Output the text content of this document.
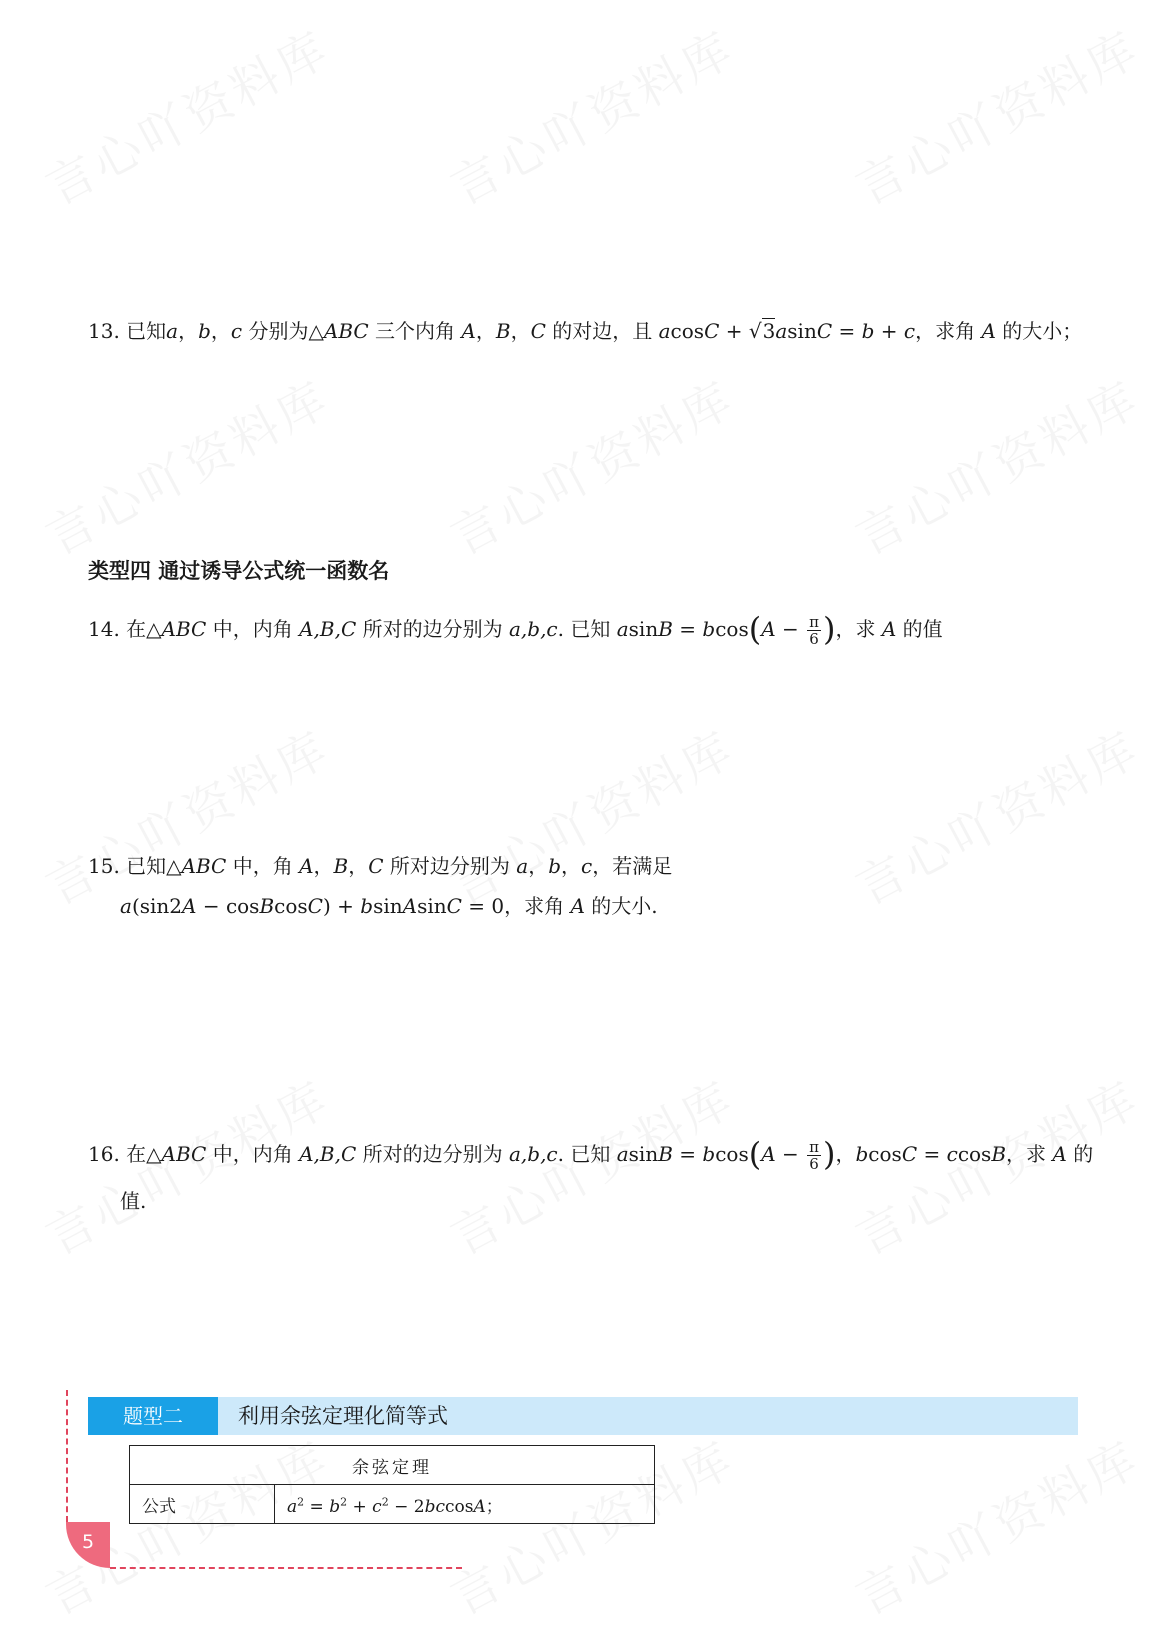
13. 已知a，b，c 分别为△ABC 三个内角 A，B，C 的对边，且 acosC + √3asinC = b + c，求角 A 的大小；
类型四 通过诱导公式统一函数名
14. 在△ABC 中，内角 A,B,C 所对的边分别为 a,b,c. 已知 $asinB = bcos(A - \frac{\pi}{6}$ )，求 A 的值
15. 已知△ABC 中，角 A，B，C 所对边分别为 a，b，c，若满足
a(sin2A − cosBcosC) + bsinAsinC = 0，求角 A 的大小.
16. 在△ABC 中，内角 A,B,C 所对的边分别为 a,b,c. 已知 $asinB = bcos(A - \frac{\pi}{6}$ )，bcosC = ccosB，求 A 的
值.
题型二	利用余弦定理化简等式
余弦定理
公式	$a^2 = b^2 + c^2 - 2bccosA$；
5
